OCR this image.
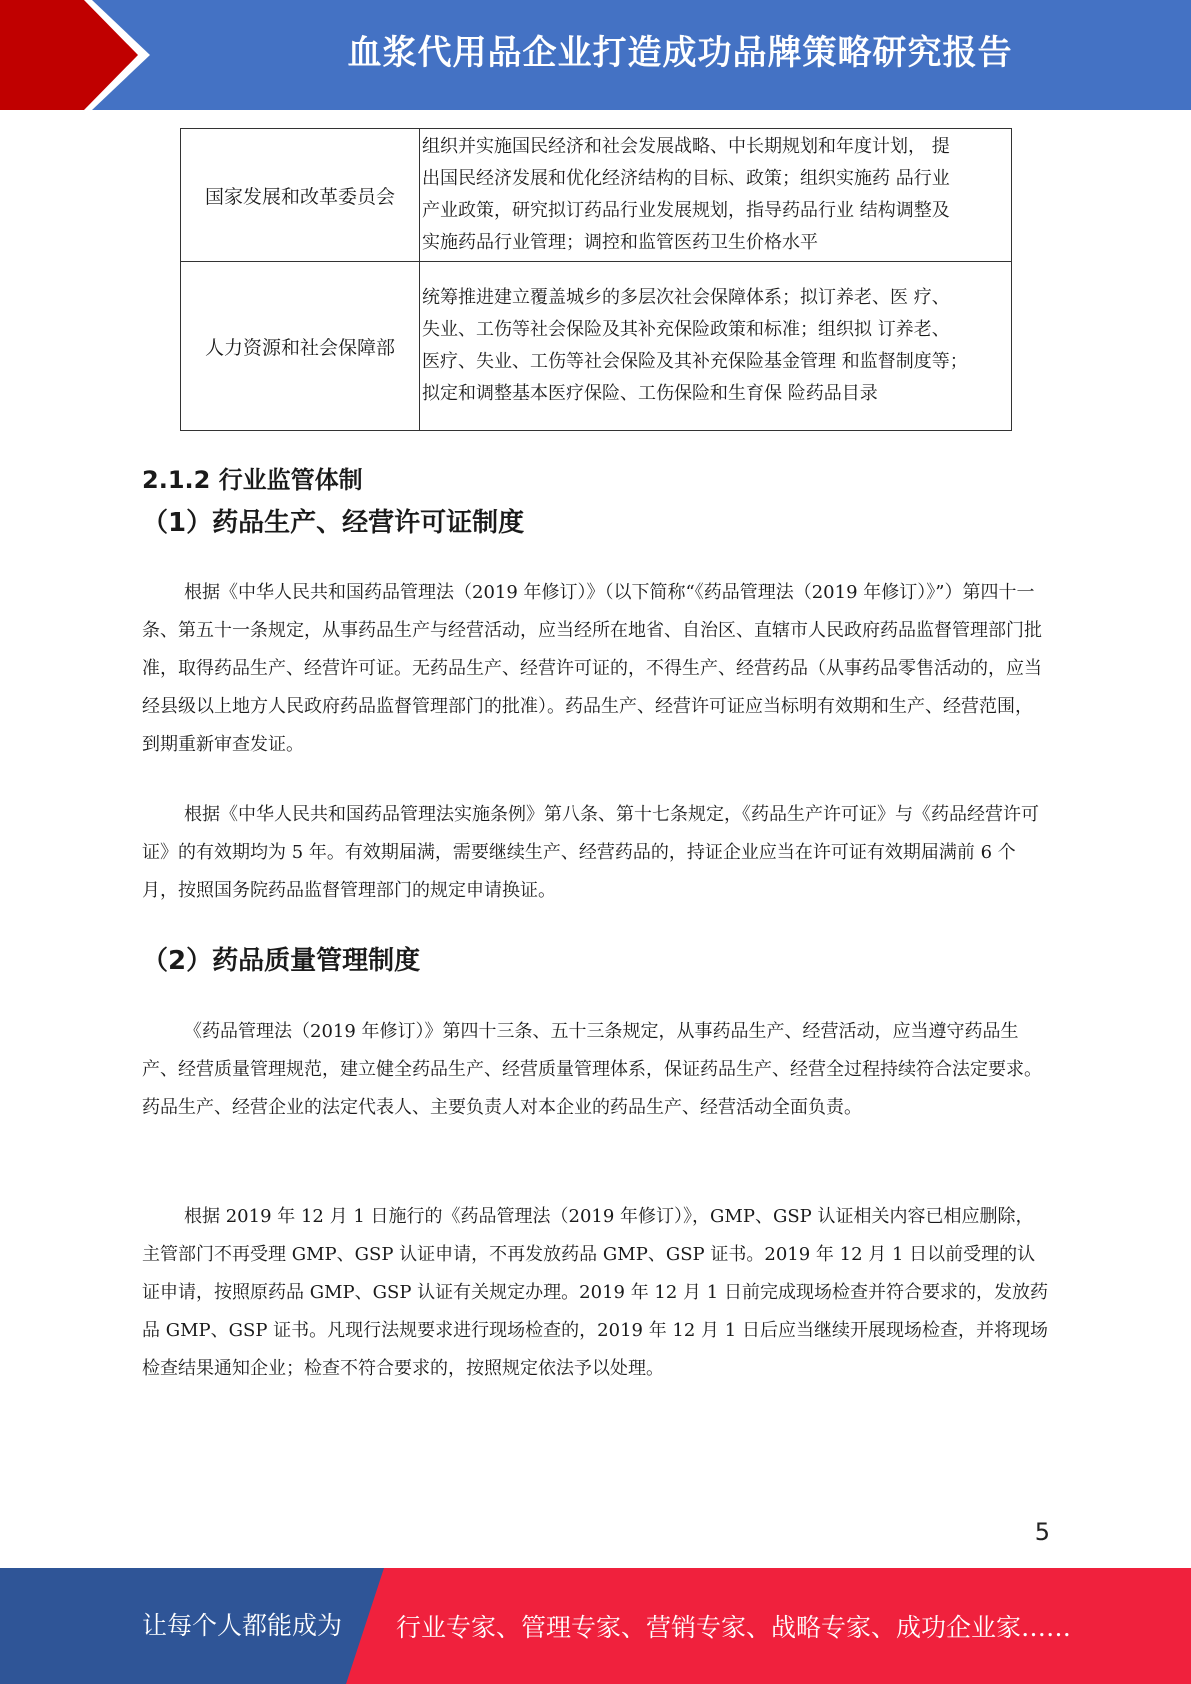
血浆代用品企业打造成功品牌策略研究报告
国家发展和改革委员会	组织并实施国民经济和社会发展战略、中长期规划和年度计划， 提
出国民经济发展和优化经济结构的目标、政策；组织实施药 品行业
产业政策，研究拟订药品行业发展规划，指导药品行业 结构调整及
实施药品行业管理；调控和监管医药卫生价格水平

人力资源和社会保障部	统筹推进建立覆盖城乡的多层次社会保障体系；拟订养老、医 疗、
失业、工伤等社会保险及其补充保险政策和标准；组织拟 订养老、
医疗、失业、工伤等社会保险及其补充保险基金管理 和监督制度等；
拟定和调整基本医疗保险、工伤保险和生育保 险药品目录
2.1.2 行业监管体制
（1）药品生产、经营许可证制度

根据《中华人民共和国药品管理法（2019 年修订）》（以下简称“《药品管理法（2019 年修订）》”）第四十一条、第五十一条规定，从事药品生产与经营活动，应当经所在地省、自治区、直辖市人民政府药品监督管理部门批准，取得药品生产、经营许可证。无药品生产、经营许可证的，不得生产、经营药品（从事药品零售活动的，应当经县级以上地方人民政府药品监督管理部门的批准）。药品生产、经营许可证应当标明有效期和生产、经营范围，到期重新审查发证。

根据《中华人民共和国药品管理法实施条例》第八条、第十七条规定，《药品生产许可证》与《药品经营许可证》的有效期均为 5 年。有效期届满，需要继续生产、经营药品的，持证企业应当在许可证有效期届满前 6 个月，按照国务院药品监督管理部门的规定申请换证。

（2）药品质量管理制度

《药品管理法（2019 年修订）》第四十三条、五十三条规定，从事药品生产、经营活动，应当遵守药品生产、经营质量管理规范，建立健全药品生产、经营质量管理体系，保证药品生产、经营全过程持续符合法定要求。药品生产、经营企业的法定代表人、主要负责人对本企业的药品生产、经营活动全面负责。

根据 2019 年 12 月 1 日施行的《药品管理法（2019 年修订）》，GMP、GSP 认证相关内容已相应删除，主管部门不再受理 GMP、GSP 认证申请，不再发放药品 GMP、GSP 证书。2019 年 12 月 1 日以前受理的认证申请，按照原药品 GMP、GSP 认证有关规定办理。2019 年 12 月 1 日前完成现场检查并符合要求的，发放药品 GMP、GSP 证书。凡现行法规要求进行现场检查的，2019 年 12 月 1 日后应当继续开展现场检查，并将现场检查结果通知企业；检查不符合要求的，按照规定依法予以处理。

5
让每个人都能成为 行业专家、管理专家、营销专家、战略专家、成功企业家……
